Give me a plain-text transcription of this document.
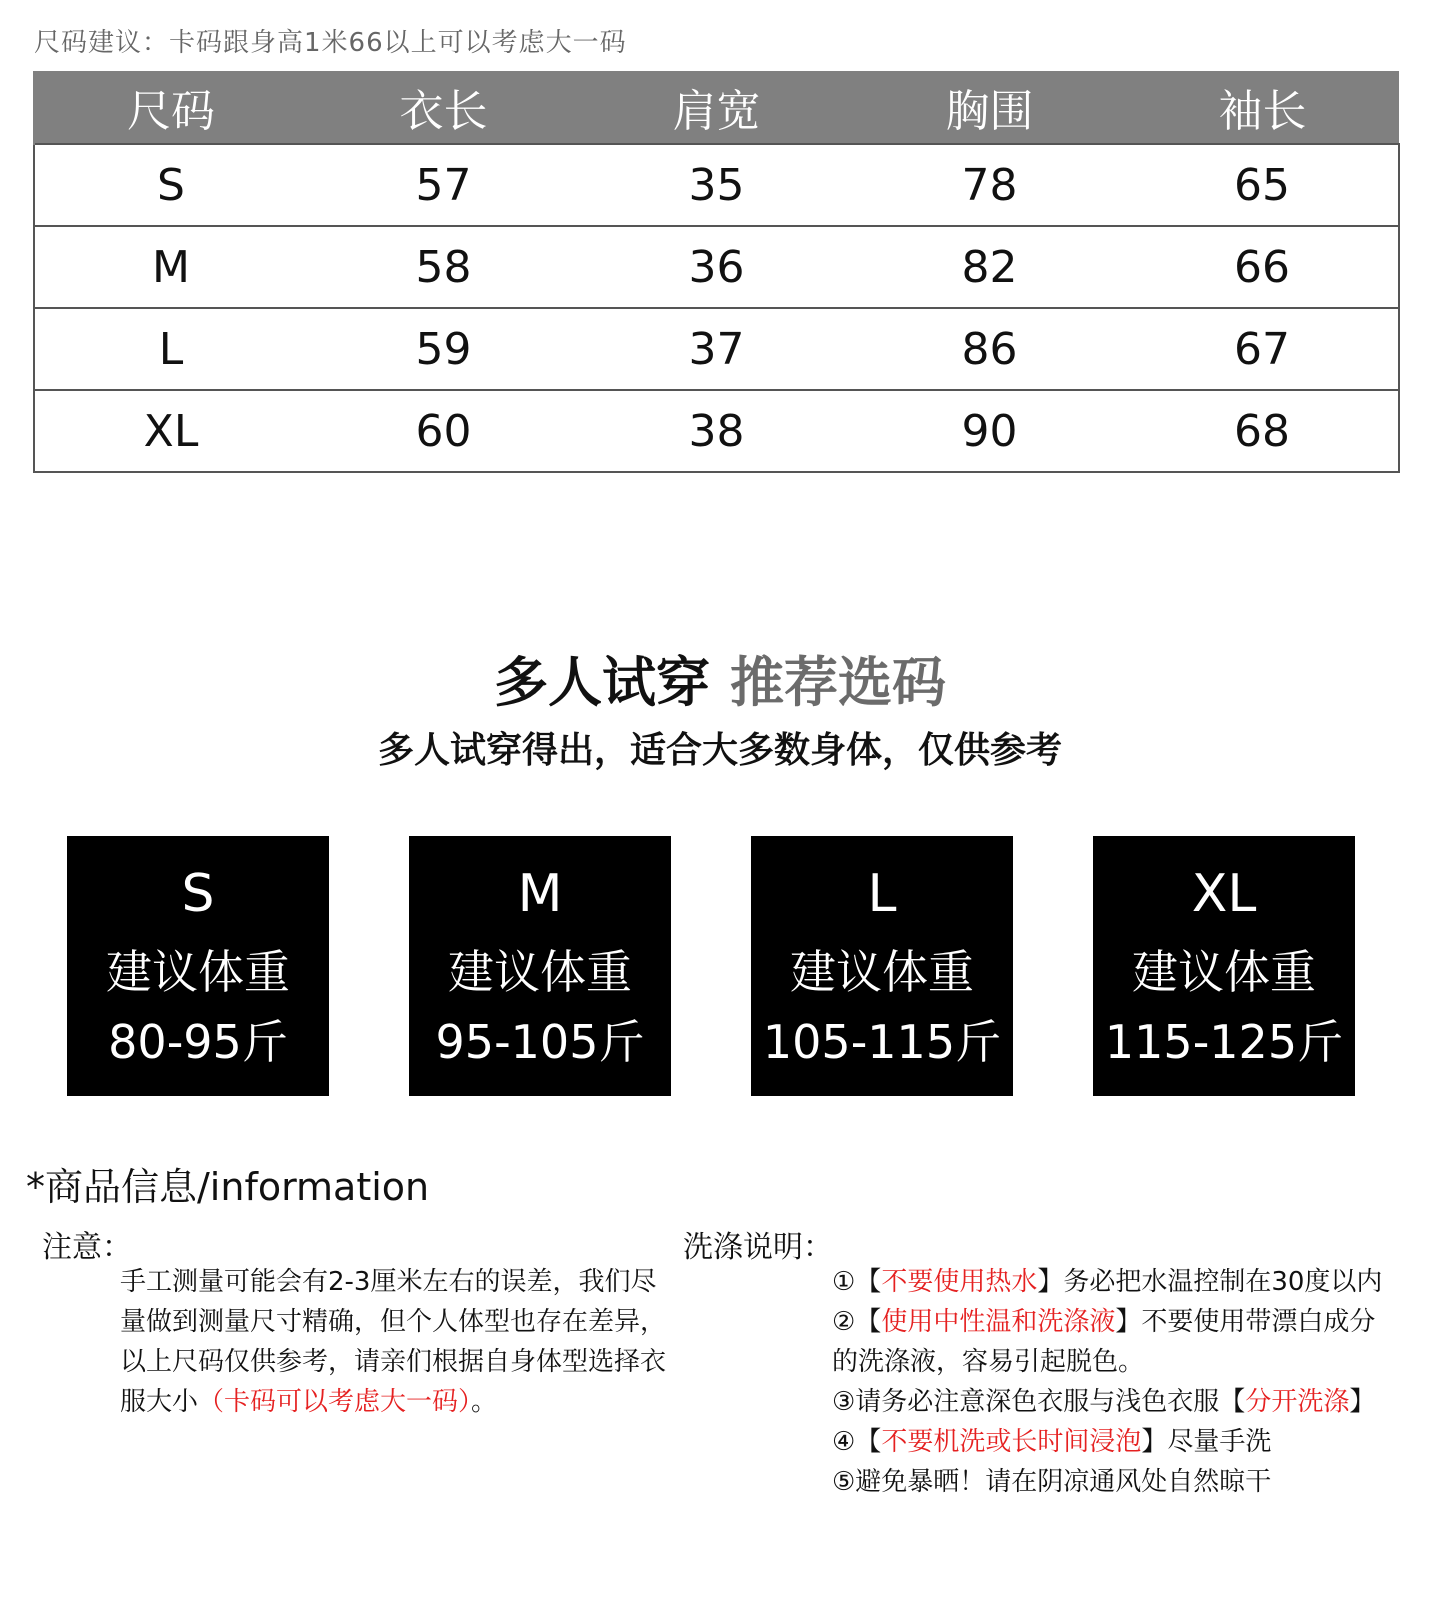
尺码建议：卡码跟身高1米66以上可以考虑大一码
尺码	衣长	肩宽	胸围	袖长
S	57	35	78	65
M	58	36	82	66
L	59	37	86	67
XL	60	38	90	68
多人试穿 推荐选码
多人试穿得出，适合大多数身体，仅供参考
S
建议体重
80-95斤
M
建议体重
95-105斤
L
建议体重
105-115斤
XL
建议体重
115-125斤
*商品信息/information
注意：
手工测量可能会有2-3厘米左右的误差，我们尽量做到测量尺寸精确，但个人体型也存在差异，以上尺码仅供参考，请亲们根据自身体型选择衣服大小（卡码可以考虑大一码）。
洗涤说明：
①【不要使用热水】务必把水温控制在30度以内
②【使用中性温和洗涤液】不要使用带漂白成分
的洗涤液，容易引起脱色。
③请务必注意深色衣服与浅色衣服【分开洗涤】
④【不要机洗或长时间浸泡】尽量手洗
⑤避免暴晒！请在阴凉通风处自然晾干
